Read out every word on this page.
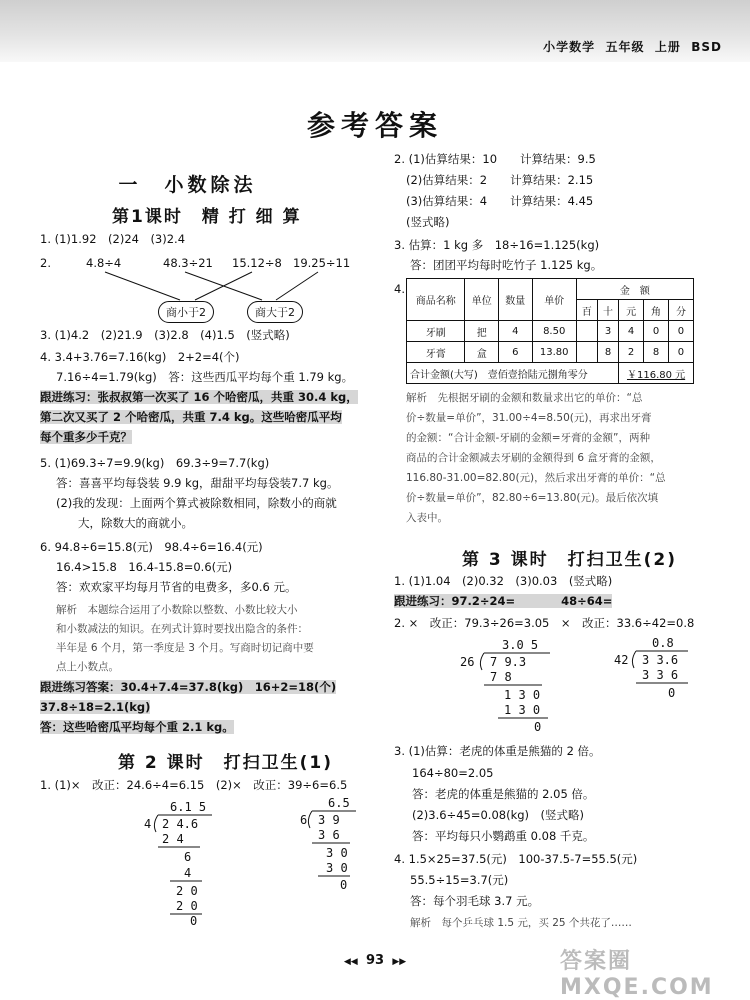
小学数学 五年级 上册 BSD
参考答案
一　小数除法
第1课时　精 打 细 算
1. (1)1.92　(2)24　(3)2.4
2.	4.8÷4	48.3÷21 15.12÷8 19.25÷11
商小于2	商大于2
3. (1)4.2　(2)21.9　(3)2.8　(4)1.5　(竖式略)
4. 3.4+3.76=7.16(kg)　2+2=4(个)
7.16÷4=1.79(kg)　答：这些西瓜平均每个重 1.79 kg。
跟进练习：张叔叔第一次买了 16 个哈密瓜，共重 30.4 kg，
第二次又买了 2 个哈密瓜，共重 7.4 kg。这些哈密瓜平均
每个重多少千克？
5. (1)69.3÷7=9.9(kg)　69.3÷9=7.7(kg)
答：喜喜平均每袋装 9.9 kg，甜甜平均每袋装7.7 kg。
(2)我的发现：上面两个算式被除数相同，除数小的商就
大，除数大的商就小。
6. 94.8÷6=15.8(元)　98.4÷6=16.4(元)
16.4>15.8　16.4-15.8=0.6(元)
答：欢欢家平均每月节省的电费多，多0.6 元。
解析　本题综合运用了小数除以整数、小数比较大小
和小数减法的知识。在列式计算时要找出隐含的条件：
半年是 6 个月，第一季度是 3 个月。写商时切记商中要
点上小数点。
跟进练习答案：30.4+7.4=37.8(kg)　16+2=18(个)
37.8÷18=2.1(kg)
答：这些哈密瓜平均每个重 2.1 kg。
第 2 课时　打扫卫生(1)
1. (1)×　改正：24.6÷4=6.15　(2)×　改正：39÷6=6.5
6.1 5
4 2 4.6
2 4
6
4
2 0
2 0
0
6.5
6 3 9
3 6
3 0
3 0
0
2. (1)估算结果：10　　计算结果：9.5
(2)估算结果：2　　计算结果：2.15
(3)估算结果：4　　计算结果：4.45
(竖式略)
3. 估算：1 kg 多　18÷16=1.125(kg)
答：团团平均每时吃竹子 1.125 kg。
4.
商品名称	单位	数量	单价	金　额				
				百	十	元	角	分
牙刷	把	4	8.50		3	4	0	0
牙膏	盒	6	13.80		8	2	8	0
合计金额(大写)　壹佰壹拾陆元捌角零分						￥116.80 元		
解析　先根据牙刷的金额和数量求出它的单价：“总
价÷数量=单价”，31.00÷4=8.50(元)，再求出牙膏
的金额：“合计金额-牙刷的金额=牙膏的金额”，两种
商品的合计金额减去牙刷的金额得到 6 盒牙膏的金额，
116.80-31.00=82.80(元)，然后求出牙膏的单价：“总
价÷数量=单价”，82.80÷6=13.80(元)。最后依次填
入表中。
第 3 课时　打扫卫生(2)
1. (1)1.04　(2)0.32　(3)0.03　(竖式略)
跟进练习：97.2÷24=　　　　48÷64=
2. ×　改正：79.3÷26=3.05　×　改正：33.6÷42=0.8
3.0 5
26 7 9.3
7 8
1 3 0
1 3 0
0
0.8
42 3 3.6
3 3 6
0
3. (1)估算：老虎的体重是熊猫的 2 倍。
164÷80=2.05
答：老虎的体重是熊猫的 2.05 倍。
(2)3.6÷45=0.08(kg)　(竖式略)
答：平均每只小鹦鹉重 0.08 千克。
4. 1.5×25=37.5(元)　100-37.5-7=55.5(元)
55.5÷15=3.7(元)
答：每个羽毛球 3.7 元。
解析　每个乒乓球 1.5 元，买 25 个共花了……
◀◀ 93 ▶▶	答案圈 MXQE.COM
